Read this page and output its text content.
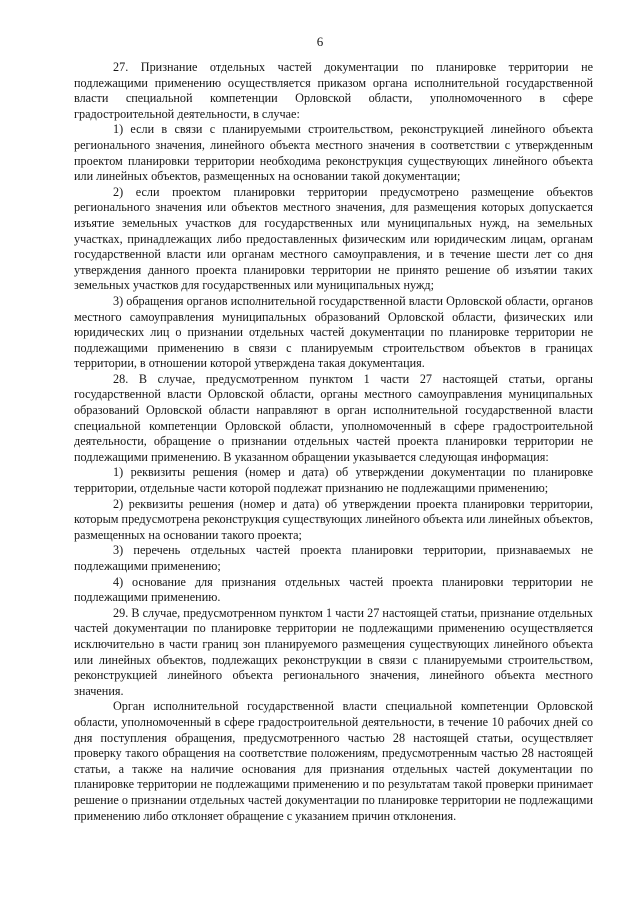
6

27. Признание отдельных частей документации по планировке территории не подлежащими применению осуществляется приказом органа исполнительной государственной власти специальной компетенции Орловской области, уполномоченного в сфере градостроительной деятельности, в случае:

1) если в связи с планируемыми строительством, реконструкцией линейного объекта регионального значения, линейного объекта местного значения в соответствии с утвержденным проектом планировки территории необходима реконструкция существующих линейного объекта или линейных объектов, размещенных на основании такой документации;

2) если проектом планировки территории предусмотрено размещение объектов регионального значения или объектов местного значения, для размещения которых допускается изъятие земельных участков для государственных или муниципальных нужд, на земельных участках, принадлежащих либо предоставленных физическим или юридическим лицам, органам государственной власти или органам местного самоуправления, и в течение шести лет со дня утверждения данного проекта планировки территории не принято решение об изъятии таких земельных участков для государственных или муниципальных нужд;

3) обращения органов исполнительной государственной власти Орловской области, органов местного самоуправления муниципальных образований Орловской области, физических или юридических лиц о признании отдельных частей документации по планировке территории не подлежащими применению в связи с планируемым строительством объектов в границах территории, в отношении которой утверждена такая документация.

28. В случае, предусмотренном пунктом 1 части 27 настоящей статьи, органы государственной власти Орловской области, органы местного самоуправления муниципальных образований Орловской области направляют в орган исполнительной государственной власти специальной компетенции Орловской области, уполномоченный в сфере градостроительной деятельности, обращение о признании отдельных частей проекта планировки территории не подлежащими применению. В указанном обращении указывается следующая информация:

1) реквизиты решения (номер и дата) об утверждении документации по планировке территории, отдельные части которой подлежат признанию не подлежащими применению;

2) реквизиты решения (номер и дата) об утверждении проекта планировки территории, которым предусмотрена реконструкция существующих линейного объекта или линейных объектов, размещенных на основании такого проекта;

3) перечень отдельных частей проекта планировки территории, признаваемых не подлежащими применению;

4) основание для признания отдельных частей проекта планировки территории не подлежащими применению.

29. В случае, предусмотренном пунктом 1 части 27 настоящей статьи, признание отдельных частей документации по планировке территории не подлежащими применению осуществляется исключительно в части границ зон планируемого размещения существующих линейного объекта или линейных объектов, подлежащих реконструкции в связи с планируемыми строительством, реконструкцией линейного объекта регионального значения, линейного объекта местного значения.

Орган исполнительной государственной власти специальной компетенции Орловской области, уполномоченный в сфере градостроительной деятельности, в течение 10 рабочих дней со дня поступления обращения, предусмотренного частью 28 настоящей статьи, осуществляет проверку такого обращения на соответствие положениям, предусмотренным частью 28 настоящей статьи, а также на наличие основания для признания отдельных частей документации по планировке территории не подлежащими применению и по результатам такой проверки принимает решение о признании отдельных частей документации по планировке территории не подлежащими применению либо отклоняет обращение с указанием причин отклонения.
